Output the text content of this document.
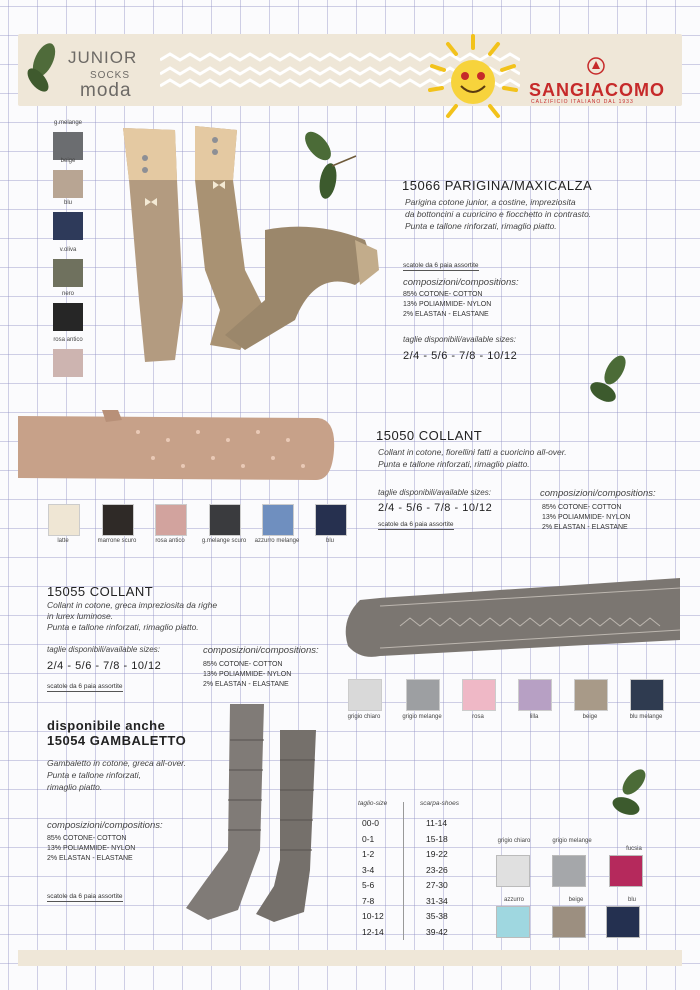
JUNIOR
SOCKS
moda	SANGIACOMO
CALZIFICIO ITALIANO DAL 1933
g.melange
beige
blu
v.oliva
nero
rosa antico
15066 PARIGINA/MAXICALZA
Parigina cotone junior, a costine, impreziosita
da bottoncini a cuoricino e fiocchetto in contrasto.
Punta e tallone rinforzati, rimaglio piatto.
scatole da 6 paia assortite
composizioni/compositions:
85% COTONE- COTTON
13% POLIAMMIDE- NYLON
2% ELASTAN - ELASTANE
taglie disponibili/available sizes:
2/4 - 5/6 - 7/8 - 10/12
latte	marrone scuro	rosa antico	g.melange scuro	azzurro melange	blu
15050 COLLANT
Collant in cotone, fiorellini fatti a cuoricino all-over.
Punta e tallone rinforzati, rimaglio piatto.
taglie disponibili/available sizes:
2/4 - 5/6 - 7/8 - 10/12
scatole da 6 paia assortite
composizioni/compositions:
85% COTONE- COTTON
13% POLIAMMIDE- NYLON
2% ELASTAN - ELASTANE
15055 COLLANT
Collant in cotone, greca impreziosita da righe
in lurex luminose.
Punta e tallone rinforzati, rimaglio piatto.
taglie disponibili/available sizes:
2/4 - 5/6 - 7/8 - 10/12
scatole da 6 paia assortite
composizioni/compositions:
85% COTONE- COTTON
13% POLIAMMIDE- NYLON
2% ELASTAN - ELASTANE
grigio chiaro	grigio melange	rosa	lilla	beige	blu melange
disponibile anche
15054 GAMBALETTO
Gambaletto in cotone, greca all-over.
Punta e tallone rinforzati,
rimaglio piatto.
composizioni/compositions:
85% COTONE- COTTON
13% POLIAMMIDE- NYLON
2% ELASTAN - ELASTANE
scatole da 6 paia assortite
taglio-size	scarpa-shoes
00-0	11-14
0-1	15-18
1-2	19-22
3-4	23-26
5-6	27-30
7-8	31-34
10-12	35-38
12-14	39-42
grigio chiaro	grigio melange
fucsia
azzurro	beige	blu
